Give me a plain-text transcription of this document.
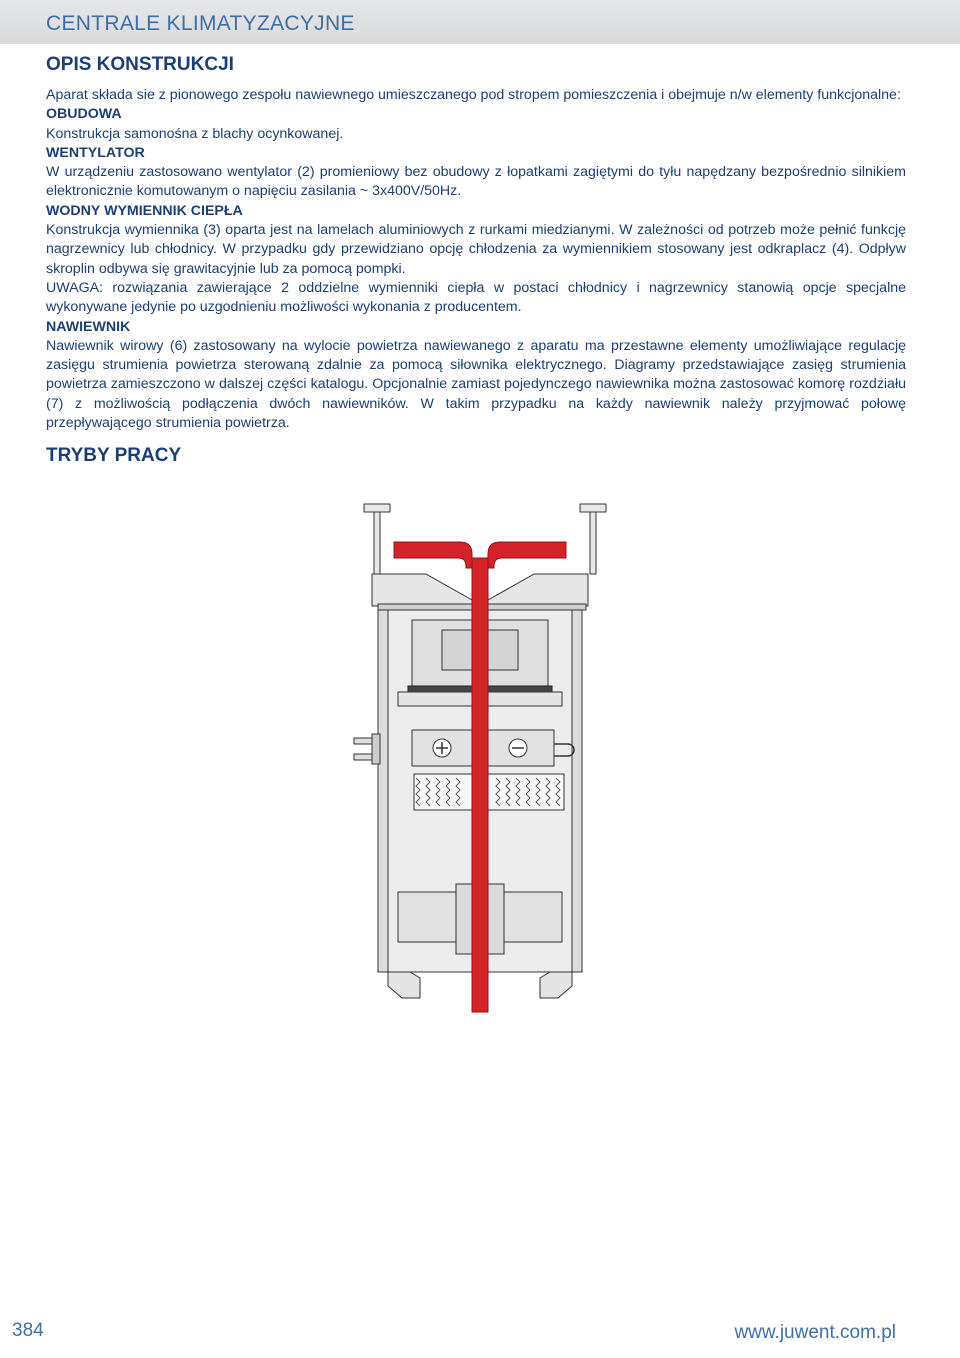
CENTRALE KLIMATYZACYJNE
OPIS KONSTRUKCJI

Aparat składa sie z pionowego zespołu nawiewnego umieszczanego pod stropem pomieszczenia i obejmuje n/w elementy funkcjonalne:

OBUDOWA

Konstrukcja samonośna z blachy ocynkowanej.

WENTYLATOR

W urządzeniu zastosowano wentylator (2) promieniowy bez obudowy z łopatkami zagiętymi do tyłu napędzany bezpośrednio silnikiem elektronicznie komutowanym o napięciu zasilania ~ 3x400V/50Hz.

WODNY WYMIENNIK CIEPŁA

Konstrukcja wymiennika (3) oparta jest na lamelach aluminiowych z rurkami miedzianymi. W zależności od potrzeb może pełnić funkcję nagrzewnicy lub chłodnicy. W przypadku gdy przewidziano opcję chłodzenia za wymiennikiem stosowany jest odkraplacz (4). Odpływ skroplin odbywa się grawitacyjnie lub za pomocą pompki.

UWAGA: rozwiązania zawierające 2 oddzielne wymienniki ciepła w postaci chłodnicy i nagrzewnicy stanowią opcje specjalne wykonywane jedynie po uzgodnieniu możliwości wykonania z producentem.

NAWIEWNIK

Nawiewnik wirowy (6) zastosowany na wylocie powietrza nawiewanego z aparatu ma przestawne elementy umożliwiające regulację zasięgu strumienia powietrza sterowaną zdalnie za pomocą siłownika elektrycznego. Diagramy przedstawiające zasięg strumienia powietrza zamieszczono w dalszej części katalogu. Opcjonalnie zamiast pojedynczego nawiewnika można zastosować komorę rozdziału (7) z możliwością podłączenia dwóch nawiewników. W takim przypadku na każdy nawiewnik należy przyjmować połowę przepływającego strumienia powietrza.

TRYBY PRACY
384	www.juwent.com.pl
